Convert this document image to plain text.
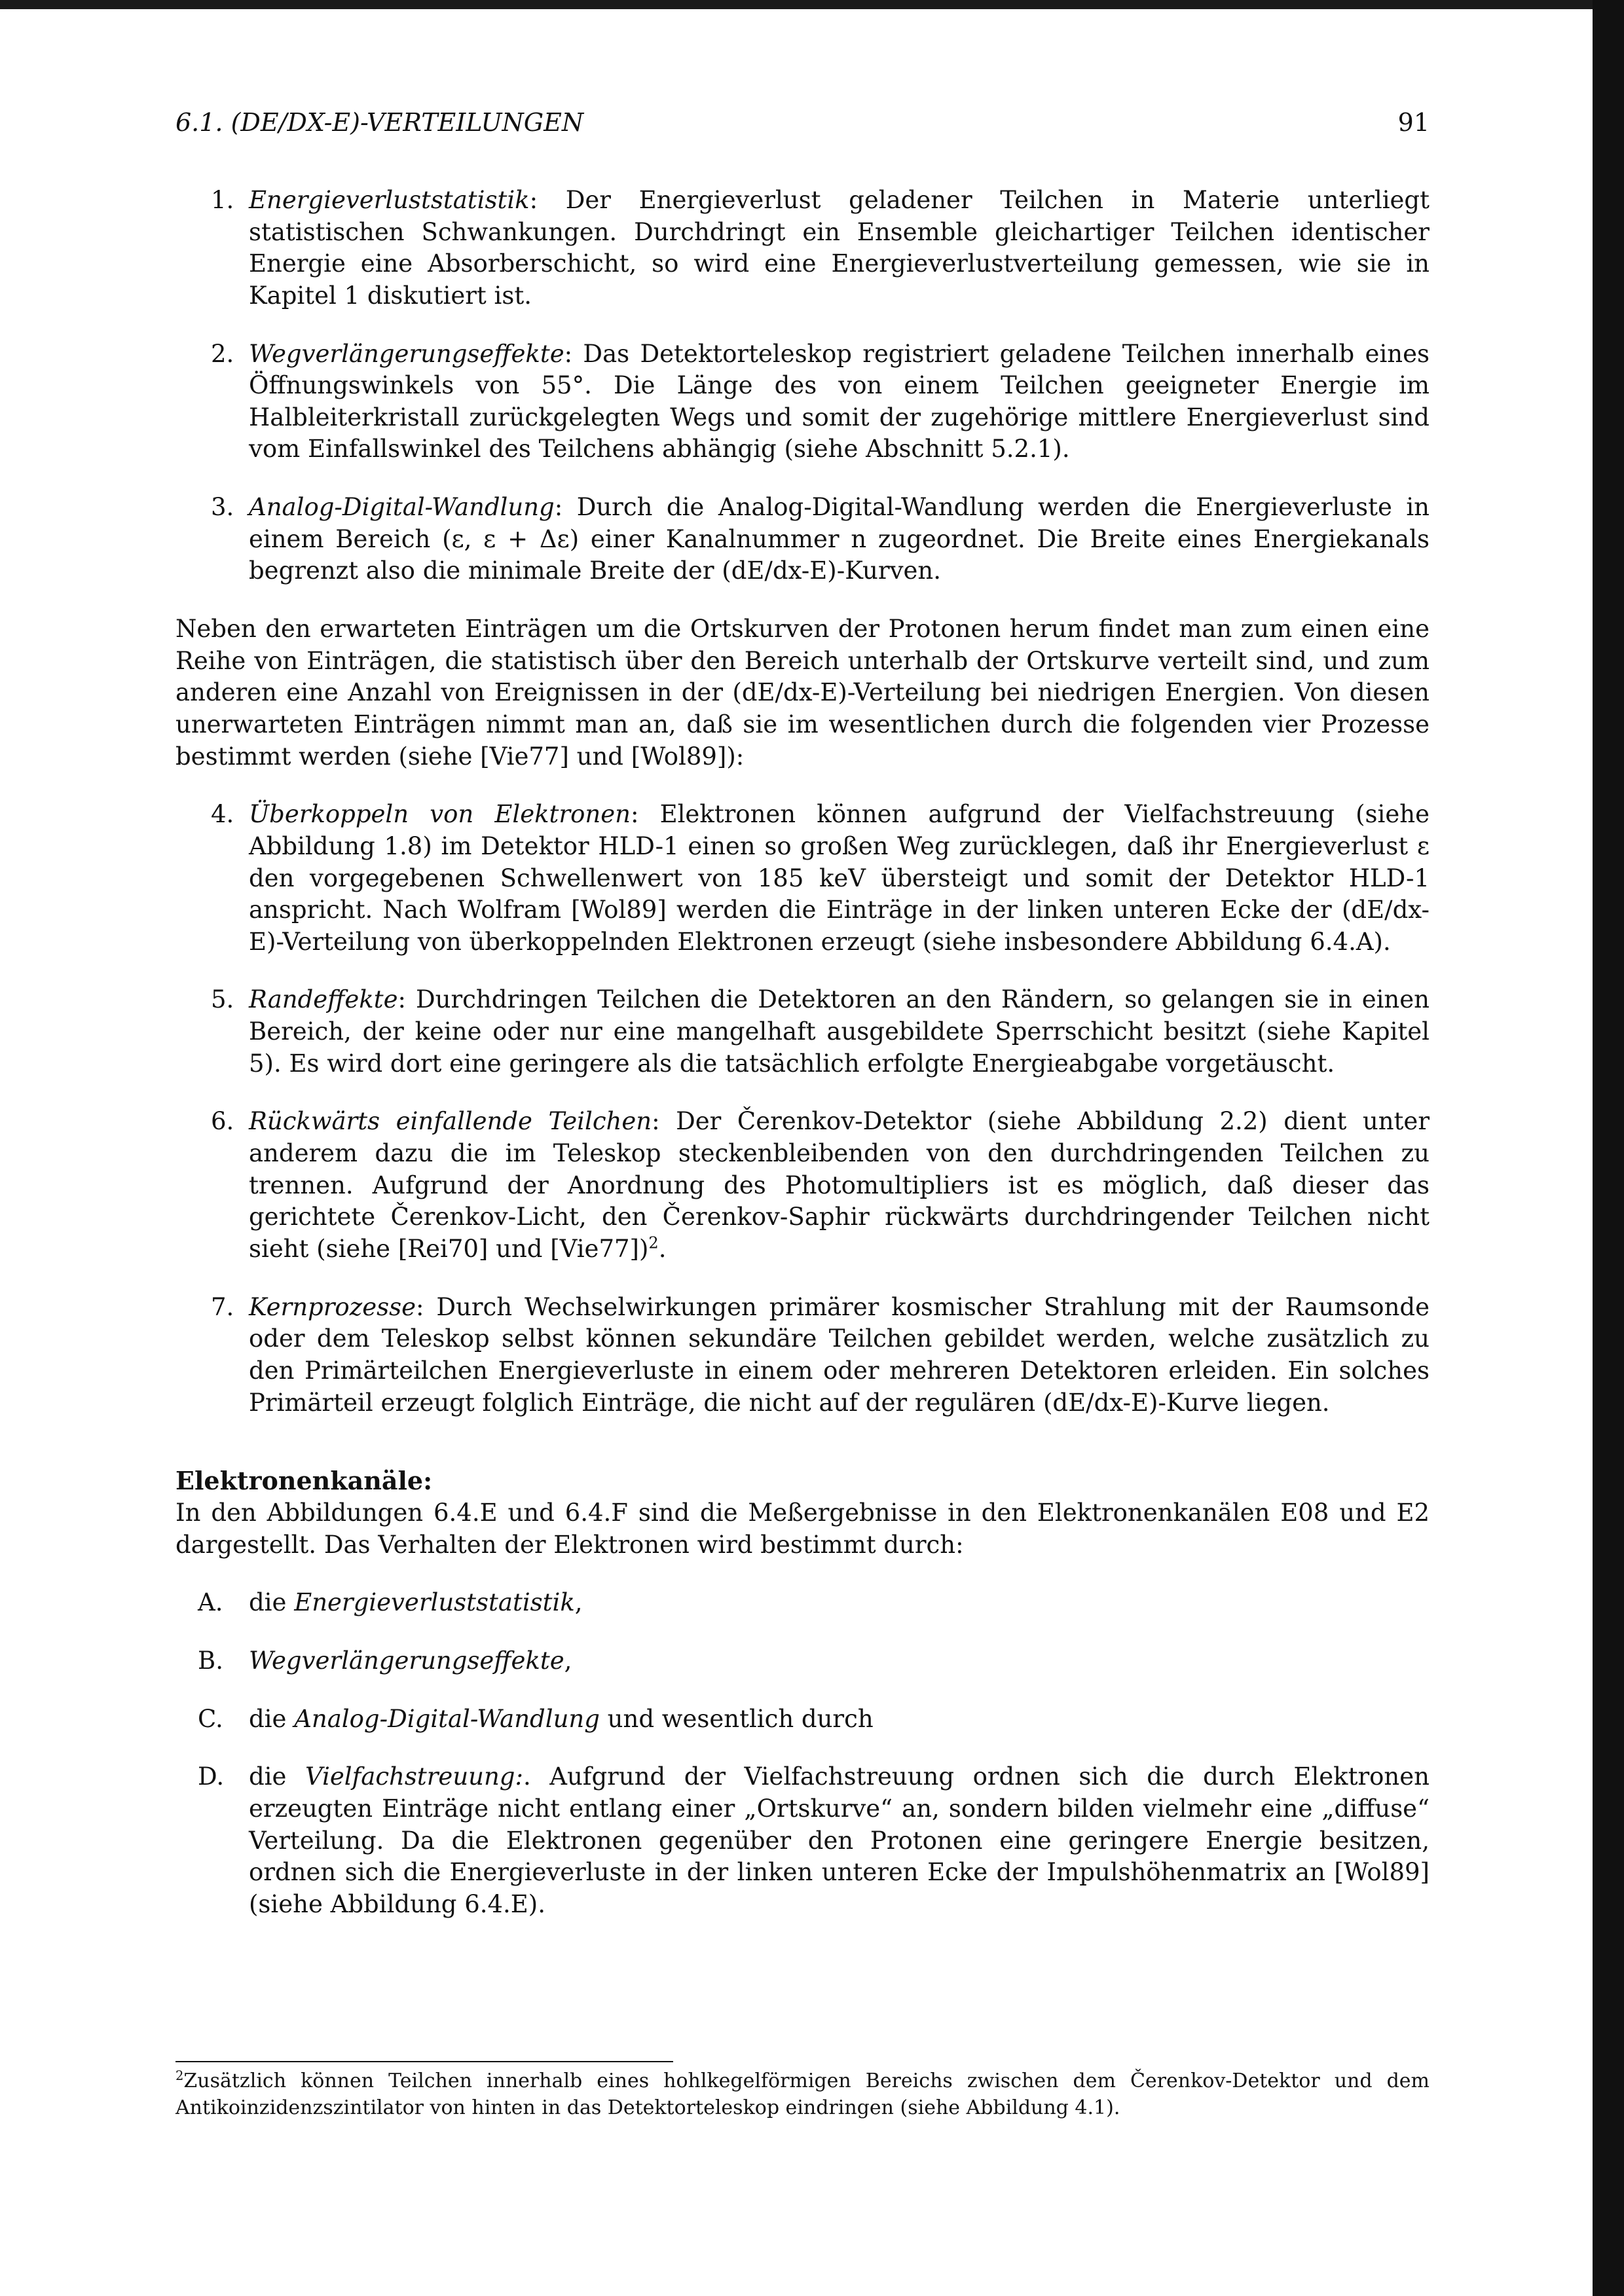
6.1. (DE/DX-E)-VERTEILUNGEN	91
1. Energieverluststatistik: Der Energieverlust geladener Teilchen in Materie unterliegt statistischen Schwankungen. Durchdringt ein Ensemble gleichartiger Teilchen identischer Energie eine Absorberschicht, so wird eine Energieverlustverteilung gemessen, wie sie in Kapitel 1 diskutiert ist.
2. Wegverlängerungseffekte: Das Detektorteleskop registriert geladene Teilchen innerhalb eines Öffnungswinkels von 55°. Die Länge des von einem Teilchen geeigneter Energie im Halbleiterkristall zurückgelegten Wegs und somit der zugehörige mittlere Energieverlust sind vom Einfallswinkel des Teilchens abhängig (siehe Abschnitt 5.2.1).
3. Analog-Digital-Wandlung: Durch die Analog-Digital-Wandlung werden die Energieverluste in einem Bereich (ε, ε + Δε) einer Kanalnummer n zugeordnet. Die Breite eines Energiekanals begrenzt also die minimale Breite der (dE/dx-E)-Kurven.

Neben den erwarteten Einträgen um die Ortskurven der Protonen herum findet man zum einen eine Reihe von Einträgen, die statistisch über den Bereich unterhalb der Ortskurve verteilt sind, und zum anderen eine Anzahl von Ereignissen in der (dE/dx-E)-Verteilung bei niedrigen Energien. Von diesen unerwarteten Einträgen nimmt man an, daß sie im wesentlichen durch die folgenden vier Prozesse bestimmt werden (siehe [Vie77] und [Wol89]):

4. Überkoppeln von Elektronen: Elektronen können aufgrund der Vielfachstreuung (siehe Abbildung 1.8) im Detektor HLD-1 einen so großen Weg zurücklegen, daß ihr Energieverlust ε den vorgegebenen Schwellenwert von 185 keV übersteigt und somit der Detektor HLD-1 anspricht. Nach Wolfram [Wol89] werden die Einträge in der linken unteren Ecke der (dE/dx-E)-Verteilung von überkoppelnden Elektronen erzeugt (siehe insbesondere Abbildung 6.4.A).
5. Randeffekte: Durchdringen Teilchen die Detektoren an den Rändern, so gelangen sie in einen Bereich, der keine oder nur eine mangelhaft ausgebildete Sperrschicht besitzt (siehe Kapitel 5). Es wird dort eine geringere als die tatsächlich erfolgte Energieabgabe vorgetäuscht.
6. Rückwärts einfallende Teilchen: Der Čerenkov-Detektor (siehe Abbildung 2.2) dient unter anderem dazu die im Teleskop steckenbleibenden von den durchdringenden Teilchen zu trennen. Aufgrund der Anordnung des Photomultipliers ist es möglich, daß dieser das gerichtete Čerenkov-Licht, den Čerenkov-Saphir rückwärts durchdringender Teilchen nicht sieht (siehe [Rei70] und [Vie77])$^2$.
7. Kernprozesse: Durch Wechselwirkungen primärer kosmischer Strahlung mit der Raumsonde oder dem Teleskop selbst können sekundäre Teilchen gebildet werden, welche zusätzlich zu den Primärteilchen Energieverluste in einem oder mehreren Detektoren erleiden. Ein solches Primärteil erzeugt folglich Einträge, die nicht auf der regulären (dE/dx-E)-Kurve liegen.
Elektronenkanäle:
In den Abbildungen 6.4.E und 6.4.F sind die Meßergebnisse in den Elektronenkanälen E08 und E2 dargestellt. Das Verhalten der Elektronen wird bestimmt durch:
A. die Energieverluststatistik,
B. Wegverlängerungseffekte,
C. die Analog-Digital-Wandlung und wesentlich durch
D. die Vielfachstreuung:. Aufgrund der Vielfachstreuung ordnen sich die durch Elektronen erzeugten Einträge nicht entlang einer „Ortskurve“ an, sondern bilden vielmehr eine „diffuse“ Verteilung. Da die Elektronen gegenüber den Protonen eine geringere Energie besitzen, ordnen sich die Energieverluste in der linken unteren Ecke der Impulshöhenmatrix an [Wol89] (siehe Abbildung 6.4.E).
$^2$Zusätzlich können Teilchen innerhalb eines hohlkegelförmigen Bereichs zwischen dem Čerenkov-Detektor und dem Antikoinzidenzszintilator von hinten in das Detektorteleskop eindringen (siehe Abbildung 4.1).
